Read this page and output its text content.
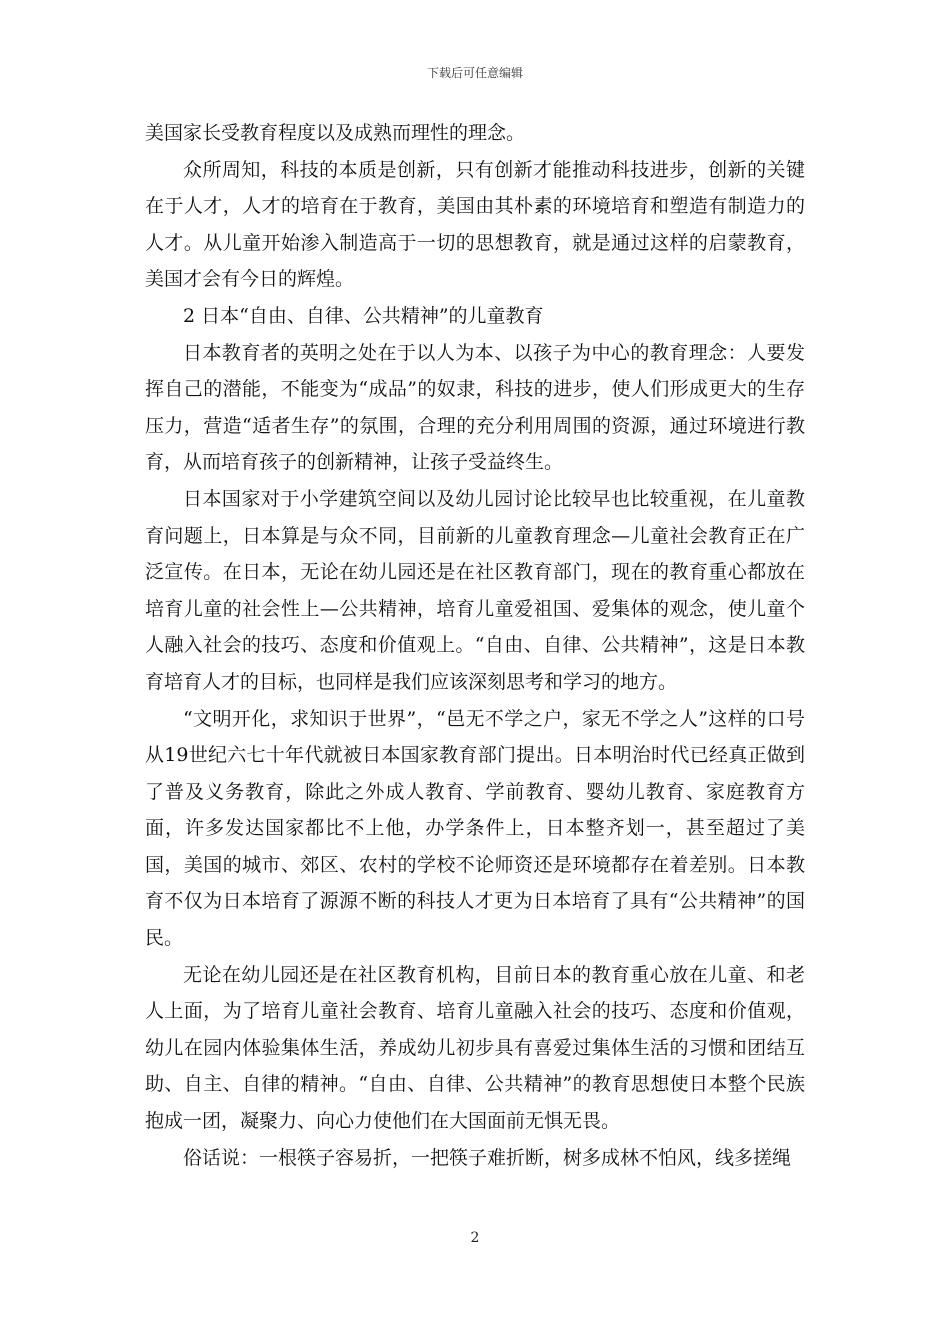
下载后可任意编辑

美国家长受教育程度以及成熟而理性的理念。

众所周知，科技的本质是创新，只有创新才能推动科技进步，创新的关键在于人才，人才的培育在于教育，美国由其朴素的环境培育和塑造有制造力的人才。从儿童开始渗入制造高于一切的思想教育，就是通过这样的启蒙教育，美国才会有今日的辉煌。

2 日本“自由、自律、公共精神”的儿童教育

日本教育者的英明之处在于以人为本、以孩子为中心的教育理念：人要发挥自己的潜能，不能变为“成品”的奴隶，科技的进步，使人们形成更大的生存压力，营造“适者生存”的氛围，合理的充分利用周围的资源，通过环境进行教育，从而培育孩子的创新精神，让孩子受益终生。

日本国家对于小学建筑空间以及幼儿园讨论比较早也比较重视，在儿童教育问题上，日本算是与众不同，目前新的儿童教育理念—儿童社会教育正在广泛宣传。在日本，无论在幼儿园还是在社区教育部门，现在的教育重心都放在培育儿童的社会性上—公共精神，培育儿童爱祖国、爱集体的观念，使儿童个人融入社会的技巧、态度和价值观上。“自由、自律、公共精神”，这是日本教育培育人才的目标，也同样是我们应该深刻思考和学习的地方。

“文明开化，求知识于世界”，“邑无不学之户，家无不学之人”这样的口号从19世纪六七十年代就被日本国家教育部门提出。日本明治时代已经真正做到了普及义务教育，除此之外成人教育、学前教育、婴幼儿教育、家庭教育方面，许多发达国家都比不上他，办学条件上，日本整齐划一，甚至超过了美国，美国的城市、郊区、农村的学校不论师资还是环境都存在着差别。日本教育不仅为日本培育了源源不断的科技人才更为日本培育了具有“公共精神”的国民。

无论在幼儿园还是在社区教育机构，目前日本的教育重心放在儿童、和老人上面，为了培育儿童社会教育、培育儿童融入社会的技巧、态度和价值观，幼儿在园内体验集体生活，养成幼儿初步具有喜爱过集体生活的习惯和团结互助、自主、自律的精神。“自由、自律、公共精神”的教育思想使日本整个民族抱成一团，凝聚力、向心力使他们在大国面前无惧无畏。

俗话说：一根筷子容易折，一把筷子难折断，树多成林不怕风，线多搓绳

2
